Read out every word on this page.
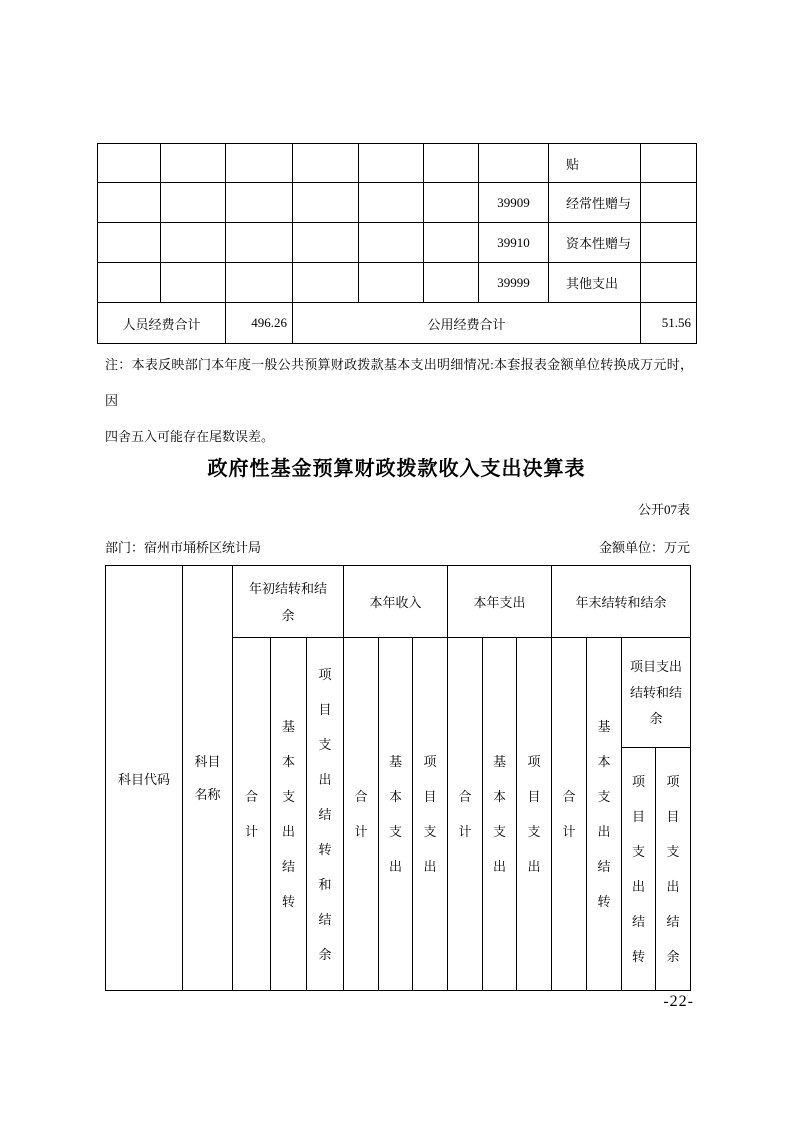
							贴	
						39909	经常性赠与	
						39910	资本性赠与	
						39999	其他支出	
人员经费合计		496.26	公用经费合计					51.56
注：本表反映部门本年度一般公共预算财政拨款基本支出明细情况:本套报表金额单位转换成万元时，因
四舍五入可能存在尾数误差。
政府性基金预算财政拨款收入支出决算表
公开07表
部门：宿州市埇桥区统计局	金额单位：万元
科目代码	科目名称	年初结转和结余			本年收入			本年支出			年末结转和结余			

		合计	基本支出结转	项目支出结转和结余	合计	基本支出	项目支出	合计	基本支出	项目支出	合计	基本支出结转	项目支出结转和结余	

													项目支出结转	项目支出结余
-22-
